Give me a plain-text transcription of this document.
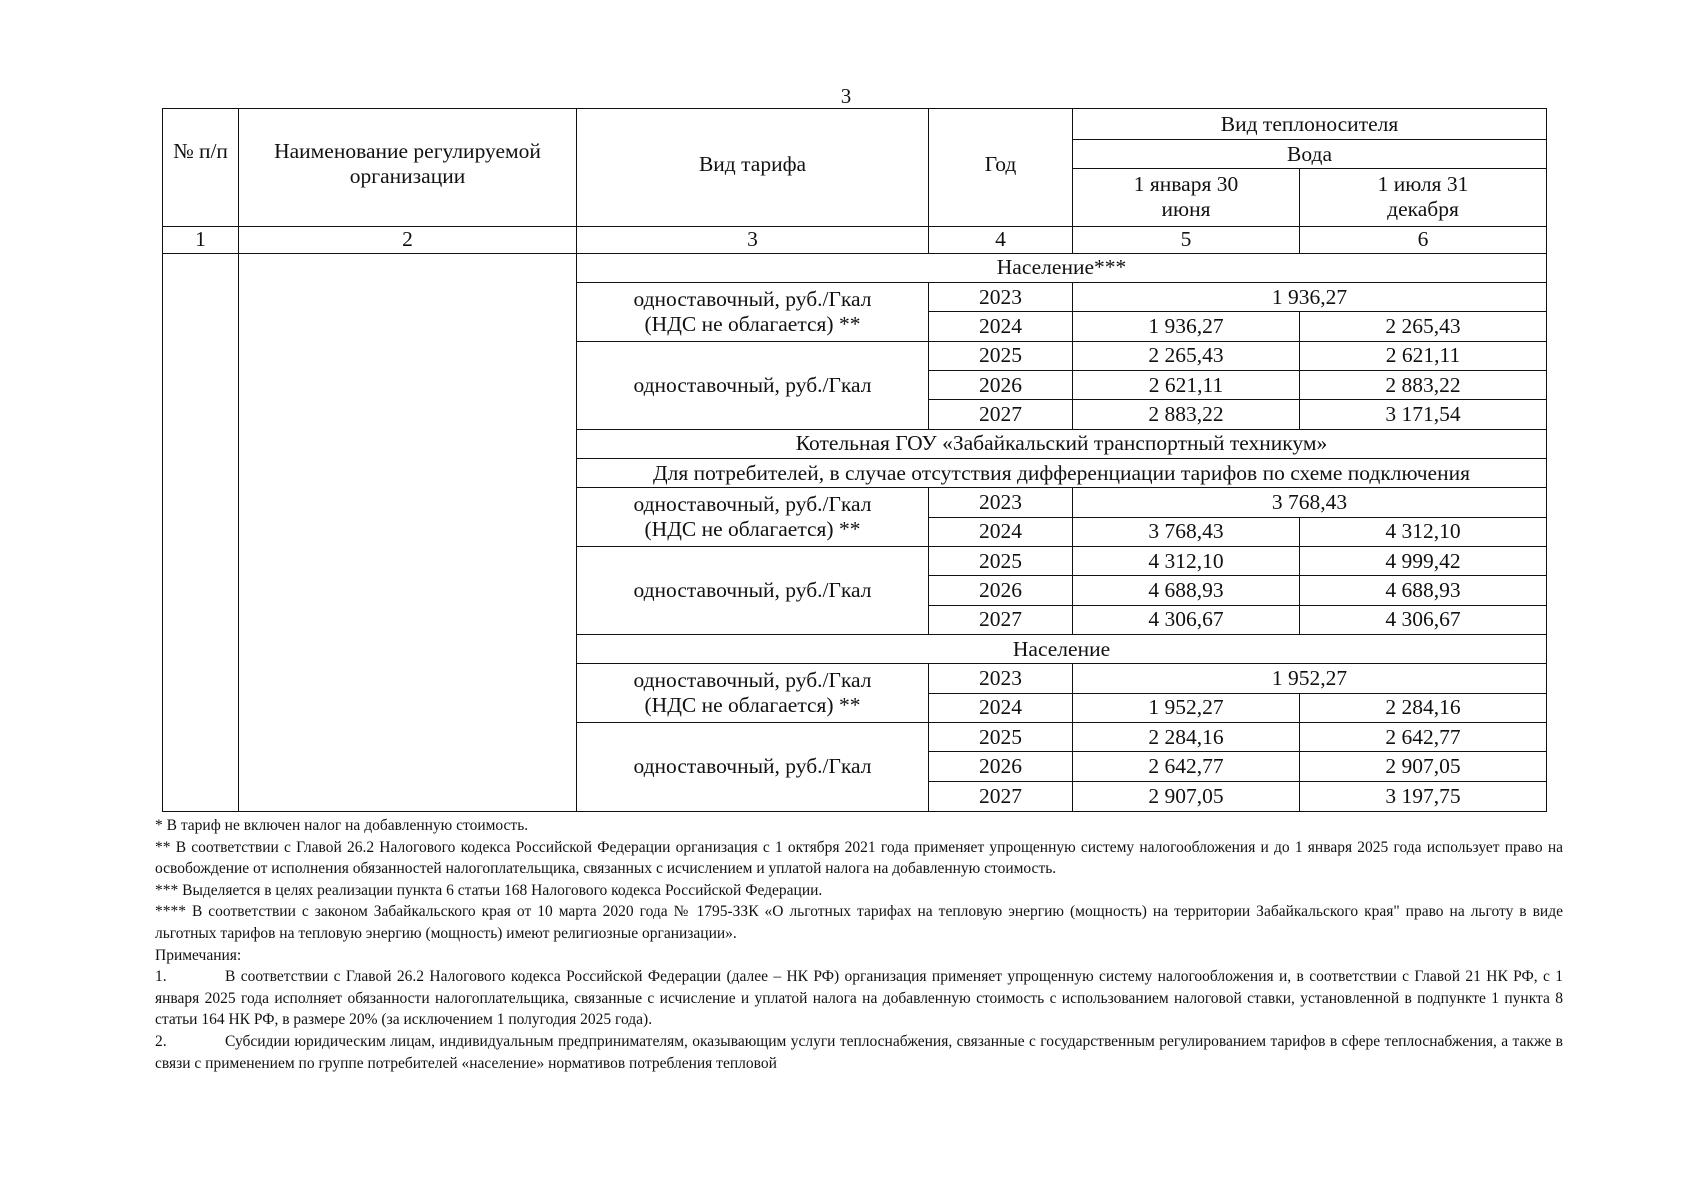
3
№ п/п	Наименование регулируемой организации	Вид тарифа	Год	Вид теплоносителя	
				Вода	
				1 января 30 июня	1 июля 31 декабря
1	2	3	4	5	6
		Население***			
		одноставочный, руб./Гкал (НДС не облагается) **	2023	1 936,27	
			2024	1 936,27	2 265,43
		одноставочный, руб./Гкал	2025	2 265,43	2 621,11
			2026	2 621,11	2 883,22
			2027	2 883,22	3 171,54
		Котельная ГОУ «Забайкальский транспортный техникум»			
		Для потребителей, в случае отсутствия дифференциации тарифов по схеме подключения			
		одноставочный, руб./Гкал (НДС не облагается) **	2023	3 768,43	
			2024	3 768,43	4 312,10
		одноставочный, руб./Гкал	2025	4 312,10	4 999,42
			2026	4 688,93	4 688,93
			2027	4 306,67	4 306,67
		Население			
		одноставочный, руб./Гкал (НДС не облагается) **	2023	1 952,27	
			2024	1 952,27	2 284,16
		одноставочный, руб./Гкал	2025	2 284,16	2 642,77
			2026	2 642,77	2 907,05
			2027	2 907,05	3 197,75

* В тариф не включен налог на добавленную стоимость.

** В соответствии с Главой 26.2 Налогового кодекса Российской Федерации организация с 1 октября 2021 года применяет упрощенную систему налогообложения и до 1 января 2025 года использует право на освобождение от исполнения обязанностей налогоплательщика, связанных с исчислением и уплатой налога на добавленную стоимость.

*** Выделяется в целях реализации пункта 6 статьи 168 Налогового кодекса Российской Федерации.

**** В соответствии с законом Забайкальского края от 10 марта 2020 года № 1795-ЗЗК «О льготных тарифах на тепловую энергию (мощность) на территории Забайкальского края" право на льготу в виде льготных тарифов на тепловую энергию (мощность) имеют религиозные организации».

Примечания:

1.	В соответствии с Главой 26.2 Налогового кодекса Российской Федерации (далее – НК РФ) организация применяет упрощенную систему налогообложения и, в соответствии с Главой 21 НК РФ, с 1 января 2025 года исполняет обязанности налогоплательщика, связанные с исчисление и уплатой налога на добавленную стоимость с использованием налоговой ставки, установленной в подпункте 1 пункта 8 статьи 164 НК РФ, в размере 20% (за исключением 1 полугодия 2025 года).

2.	Субсидии юридическим лицам, индивидуальным предпринимателям, оказывающим услуги теплоснабжения, связанные с государственным регулированием тарифов в сфере теплоснабжения, а также в связи с применением по группе потребителей «население» нормативов потребления тепловой
